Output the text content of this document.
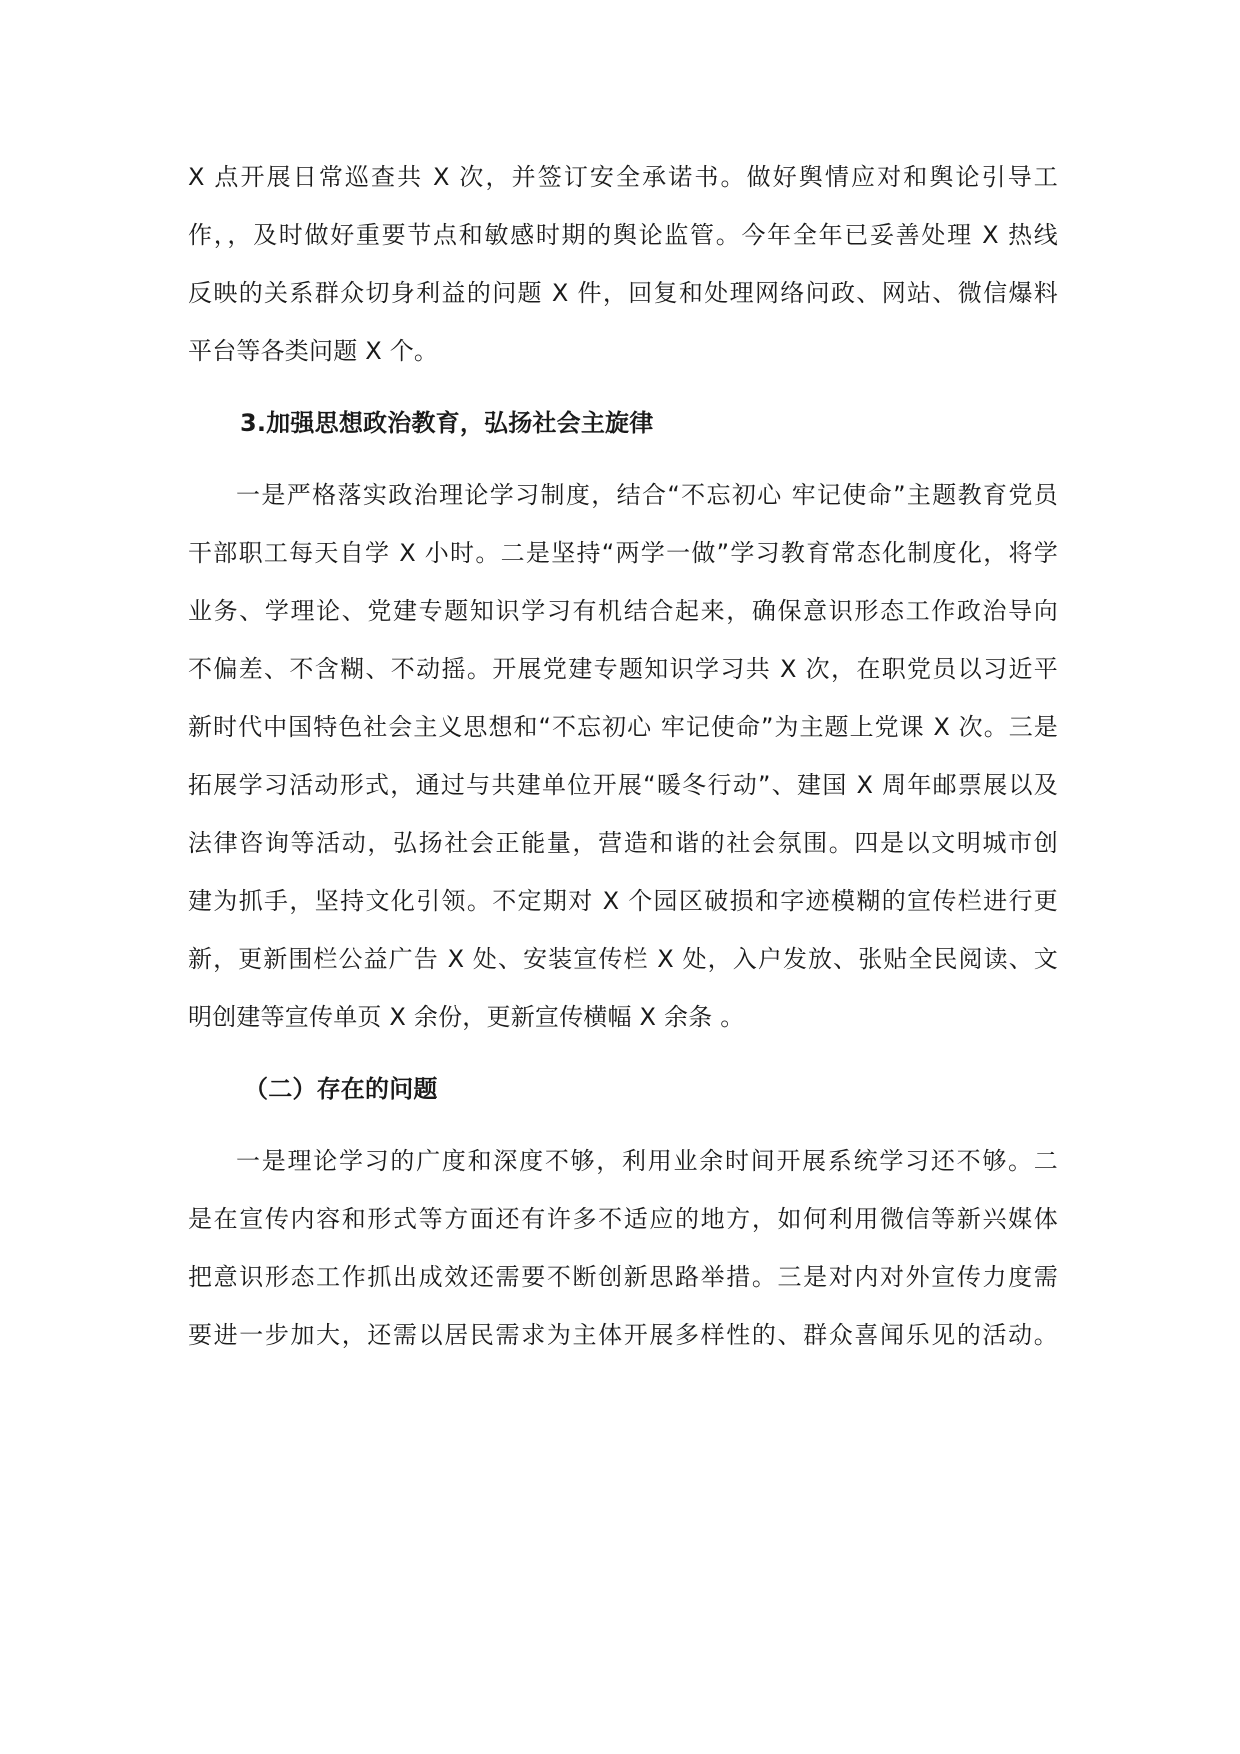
X 点开展日常巡查共 X 次，并签订安全承诺书。做好舆情应对和舆论引导工
作，，及时做好重要节点和敏感时期的舆论监管。今年全年已妥善处理 X 热线
反映的关系群众切身利益的问题 X 件，回复和处理网络问政、网站、微信爆料
平台等各类问题 X 个。
3.加强思想政治教育，弘扬社会主旋律
一是严格落实政治理论学习制度，结合“不忘初心 牢记使命”主题教育党员
干部职工每天自学 X 小时。二是坚持“两学一做”学习教育常态化制度化，将学
业务、学理论、党建专题知识学习有机结合起来，确保意识形态工作政治导向
不偏差、不含糊、不动摇。开展党建专题知识学习共 X 次，在职党员以习近平
新时代中国特色社会主义思想和“不忘初心 牢记使命”为主题上党课 X 次。三是
拓展学习活动形式，通过与共建单位开展“暖冬行动”、建国 X 周年邮票展以及
法律咨询等活动，弘扬社会正能量，营造和谐的社会氛围。四是以文明城市创
建为抓手，坚持文化引领。不定期对 X 个园区破损和字迹模糊的宣传栏进行更
新，更新围栏公益广告 X 处、安装宣传栏 X 处，入户发放、张贴全民阅读、文
明创建等宣传单页 X 余份，更新宣传横幅 X 余条 。
（二）存在的问题
一是理论学习的广度和深度不够，利用业余时间开展系统学习还不够。二
是在宣传内容和形式等方面还有许多不适应的地方，如何利用微信等新兴媒体
把意识形态工作抓出成效还需要不断创新思路举措。三是对内对外宣传力度需
要进一步加大，还需以居民需求为主体开展多样性的、群众喜闻乐见的活动。
